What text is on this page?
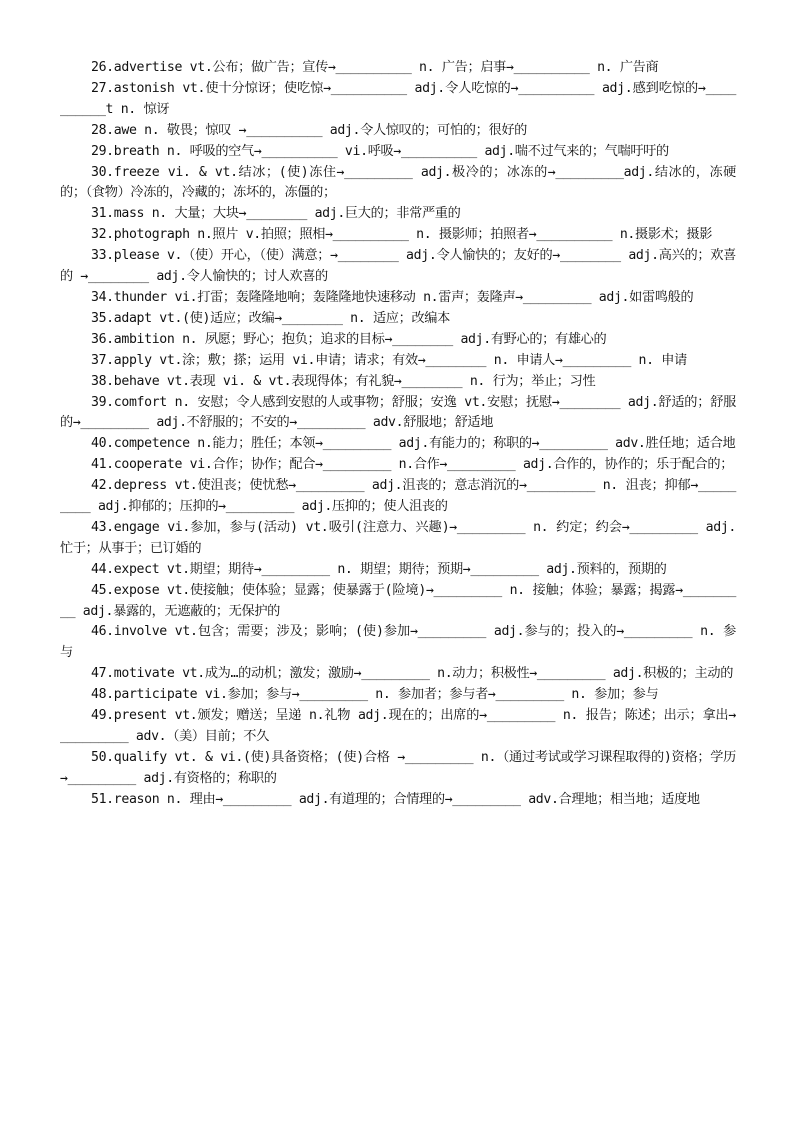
26.advertise vt.公布；做广告；宣传→__________ n. 广告；启事→__________ n. 广告商

27.astonish vt.使十分惊讶；使吃惊→__________ adj.令人吃惊的→__________ adj.感到吃惊的→__________t n. 惊讶

28.awe n. 敬畏；惊叹 →__________ adj.令人惊叹的；可怕的；很好的

29.breath n. 呼吸的空气→__________ vi.呼吸→__________ adj.喘不过气来的；气喘吁吁的

30.freeze vi. & vt.结冰；(使)冻住→_________ adj.极冷的；冰冻的→_________adj.结冰的，冻硬的；（食物）冷冻的，冷藏的；冻坏的，冻僵的；

31.mass n. 大量；大块→________ adj.巨大的；非常严重的

32.photograph n.照片 v.拍照；照相→__________ n. 摄影师；拍照者→__________ n.摄影术；摄影

33.please v.（使）开心，（使）满意；→________ adj.令人愉快的；友好的→________ adj.高兴的；欢喜的 →________ adj.令人愉快的；讨人欢喜的

34.thunder vi.打雷；轰隆隆地响；轰隆隆地快速移动 n.雷声；轰隆声→_________ adj.如雷鸣般的

35.adapt vt.(使)适应；改编→________ n. 适应；改编本

36.ambition n. 夙愿；野心；抱负；追求的目标→________ adj.有野心的；有雄心的

37.apply vt.涂；敷；搽；运用 vi.申请；请求；有效→________ n. 申请人→_________ n. 申请

38.behave vt.表现 vi. & vt.表现得体；有礼貌→________ n. 行为；举止；习性

39.comfort n. 安慰；令人感到安慰的人或事物；舒服；安逸 vt.安慰；抚慰→________ adj.舒适的；舒服的→_________ adj.不舒服的；不安的→_________ adv.舒服地；舒适地

40.competence n.能力；胜任；本领→_________ adj.有能力的；称职的→_________ adv.胜任地；适合地

41.cooperate vi.合作；协作；配合→_________ n.合作→_________ adj.合作的，协作的；乐于配合的；

42.depress vt.使沮丧；使忧愁→_________ adj.沮丧的；意志消沉的→_________ n. 沮丧；抑郁→_________ adj.抑郁的；压抑的→_________ adj.压抑的；使人沮丧的

43.engage vi.参加，参与(活动) vt.吸引(注意力、兴趣)→_________ n. 约定；约会→_________ adj.忙于；从事于；已订婚的

44.expect vt.期望；期待→_________ n. 期望；期待；预期→_________ adj.预料的，预期的

45.expose vt.使接触；使体验；显露；使暴露于(险境)→_________ n. 接触；体验；暴露；揭露→_________ adj.暴露的，无遮蔽的；无保护的

46.involve vt.包含；需要；涉及；影响；(使)参加→_________ adj.参与的；投入的→_________ n. 参与

47.motivate vt.成为…的动机；激发；激励→_________ n.动力；积极性→_________ adj.积极的；主动的

48.participate vi.参加；参与→_________ n. 参加者；参与者→_________ n. 参加；参与

49.present vt.颁发；赠送；呈递 n.礼物 adj.现在的；出席的→_________ n. 报告；陈述；出示；拿出→_________ adv.（美）目前；不久

50.qualify vt. & vi.(使)具备资格；(使)合格 →_________ n.（通过考试或学习课程取得的)资格；学历 →_________ adj.有资格的；称职的

51.reason n. 理由→_________ adj.有道理的；合情理的→_________ adv.合理地；相当地；适度地
